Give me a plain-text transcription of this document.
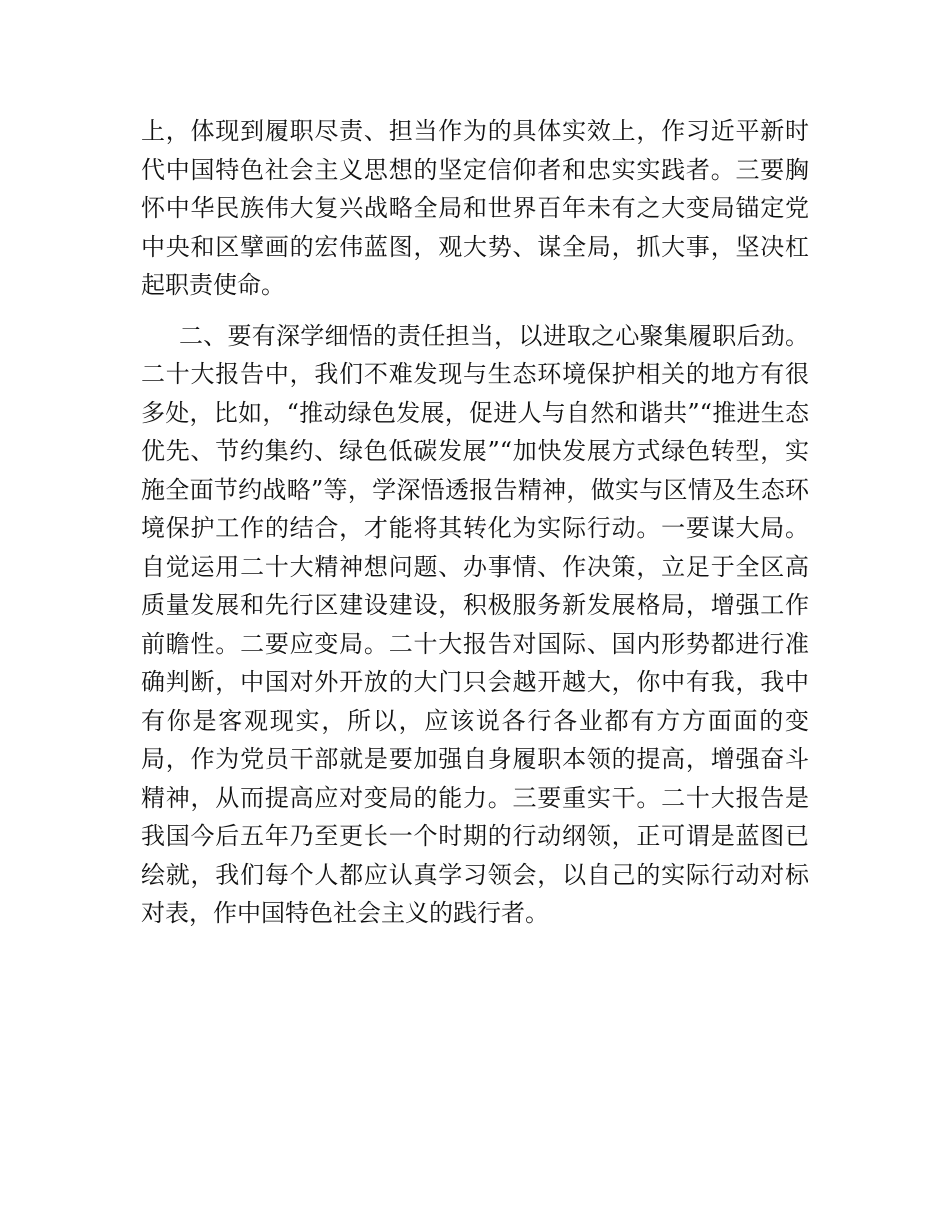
上，体现到履职尽责、担当作为的具体实效上，作习近平新时代中国特色社会主义思想的坚定信仰者和忠实实践者。三要胸怀中华民族伟大复兴战略全局和世界百年未有之大变局锚定党中央和区擘画的宏伟蓝图，观大势、谋全局，抓大事，坚决杠起职责使命。

二、要有深学细悟的责任担当，以进取之心聚集履职后劲。二十大报告中，我们不难发现与生态环境保护相关的地方有很多处，比如，“推动绿色发展，促进人与自然和谐共”“推进生态优先、节约集约、绿色低碳发展”“加快发展方式绿色转型，实施全面节约战略”等，学深悟透报告精神，做实与区情及生态环境保护工作的结合，才能将其转化为实际行动。一要谋大局。自觉运用二十大精神想问题、办事情、作决策，立足于全区高质量发展和先行区建设建设，积极服务新发展格局，增强工作前瞻性。二要应变局。二十大报告对国际、国内形势都进行准确判断，中国对外开放的大门只会越开越大，你中有我，我中有你是客观现实，所以，应该说各行各业都有方方面面的变局，作为党员干部就是要加强自身履职本领的提高，增强奋斗精神，从而提高应对变局的能力。三要重实干。二十大报告是我国今后五年乃至更长一个时期的行动纲领，正可谓是蓝图已绘就，我们每个人都应认真学习领会，以自己的实际行动对标对表，作中国特色社会主义的践行者。
